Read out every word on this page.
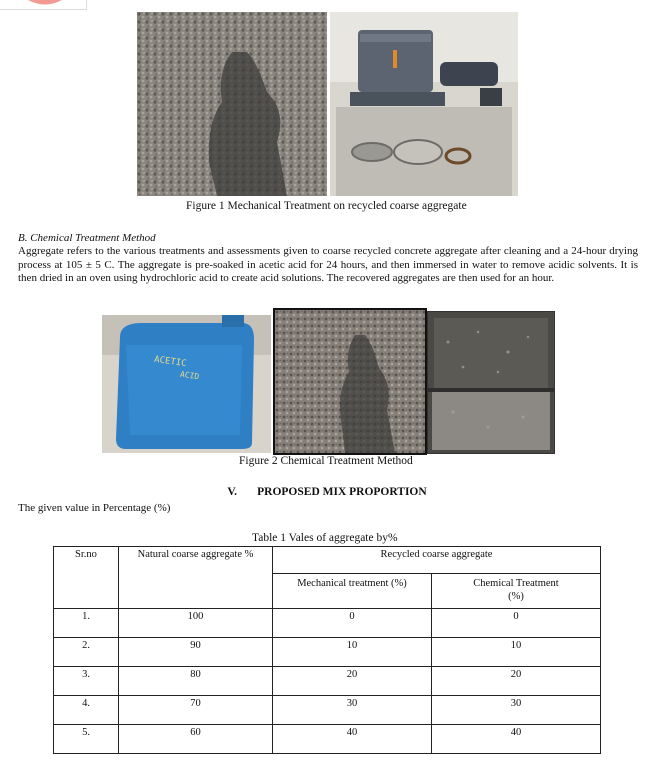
Figure 1 Mechanical Treatment on recycled coarse aggregate
B. Chemical Treatment Method
Aggregate refers to the various treatments and assessments given to coarse recycled concrete aggregate after cleaning and a 24-hour drying process at 105 ± 5 C. The aggregate is pre-soaked in acetic acid for 24 hours, and then immersed in water to remove acidic solvents. It is then dried in an oven using hydrochloric acid to create acid solutions. The recovered aggregates are then used for an hour.
ACETIC
ACID
Figure 2 Chemical Treatment Method
V.       PROPOSED MIX PROPORTION
The given value in Percentage (%)
Table 1 Vales of aggregate by%
Sr.no	Natural coarse aggregate %	Recycled coarse aggregate	
		Mechanical treatment (%)	Chemical Treatment
(%)

1.	100	0	0
2.	90	10	10
3.	80	20	20
4.	70	30	30
5.	60	40	40
